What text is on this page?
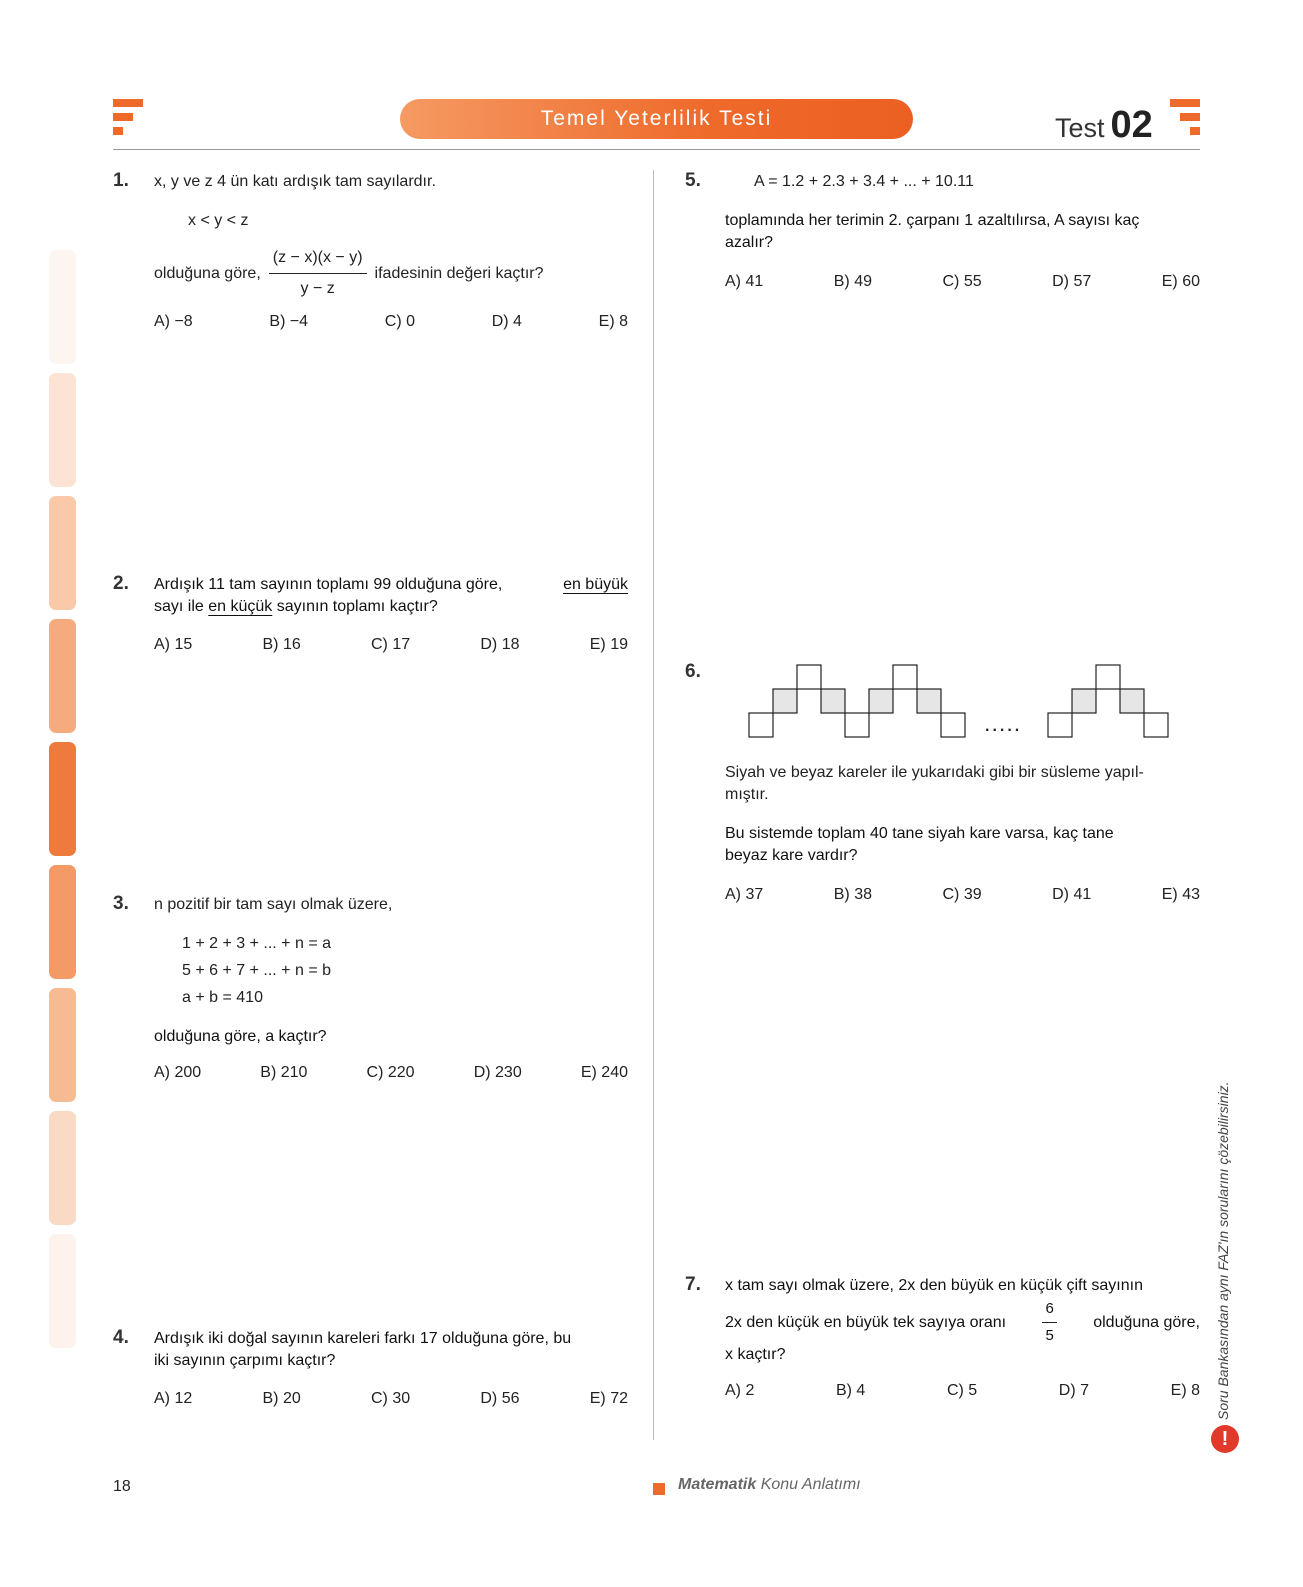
Temel Yeterlilik Testi	Test 02
1. x, y ve z 4 ün katı ardışık tam sayılardır.
x < y < z
olduğuna göre, $\frac{(z - x)(x - y)}{y - z}$ ifadesinin değeri kaçtır?
A) −8	B) −4	C) 0	D) 4	E) 8
2. Ardışık 11 tam sayının toplamı 99 olduğuna göre,	en büyük
sayı ile en küçük sayının toplamı kaçtır?
A) 15	B) 16	C) 17	D) 18	E) 19
3. n pozitif bir tam sayı olmak üzere,
1 + 2 + 3 + ... + n = a
5 + 6 + 7 + ... + n = b
a + b = 410
olduğuna göre, a kaçtır?
A) 200	B) 210	C) 220	D) 230	E) 240
4. Ardışık iki doğal sayının kareleri farkı 17 olduğuna göre, bu
iki sayının çarpımı kaçtır?
A) 12	B) 20	C) 30	D) 56	E) 72
5.	A = 1.2 + 2.3 + 3.4 + ... + 10.11
toplamında her terimin 2. çarpanı 1 azaltılırsa, A sayısı kaç
azalır?
A) 41	B) 49	C) 55	D) 57	E) 60
6.
.....
Siyah ve beyaz kareler ile yukarıdaki gibi bir süsleme yapıl-
mıştır.
Bu sistemde toplam 40 tane siyah kare varsa, kaç tane
beyaz kare vardır?
A) 37	B) 38	C) 39	D) 41	E) 43
7. x tam sayı olmak üzere, 2x den büyük en küçük çift sayının
2x den küçük en büyük tek sayıya oranı $\frac{6}{5}$ olduğuna göre,
x kaçtır?
A) 2	B) 4	C) 5	D) 7	E) 8 Soru Bankasından aynı FAZ'ın sorularını çözebilirsiniz.
!
18	Matematik Konu Anlatımı
